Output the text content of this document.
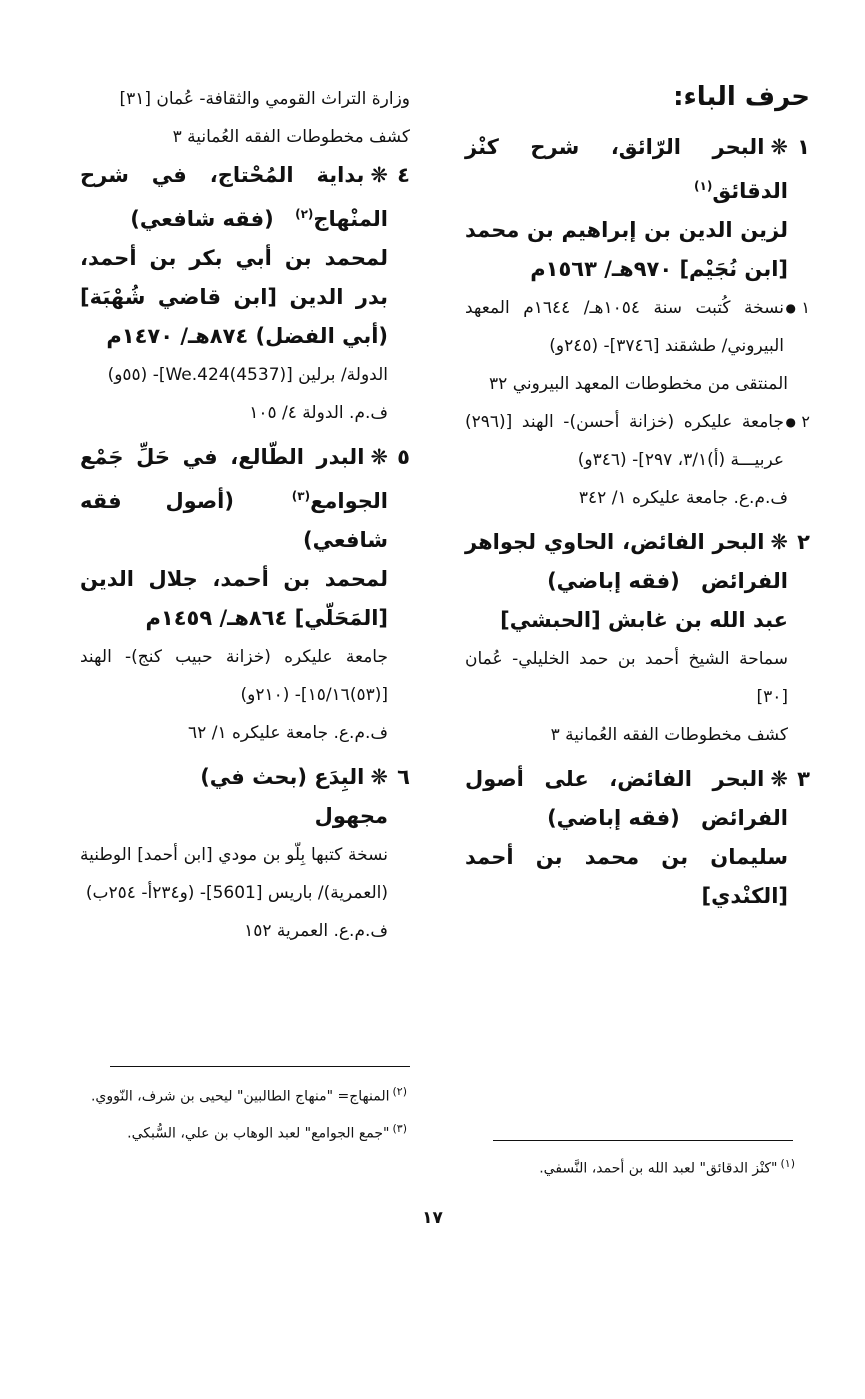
حرف الباء:
١
❋البحر الرّائق، شرح كنْز الدقائق$^{(١)}$
لزين الدين بن إبراهيم بن محمد [ابن نُجَيْم] ٩٧٠هـ/ ١٥٦٣م
١
●
نسخة كُتبت سنة ١٠٥٤هـ/ ١٦٤٤م المعهد البيروني/ طشقند [٣٧٤٦]- (٢٤٥و)
المنتقى من مخطوطات المعهد البيروني ٣٢
٢
●
جامعة عليكره (خزانة أحسن)- الهند [(٢٩٦) عربيـــة (أ)٣/١، ٢٩٧]- (٣٤٦و)
ف.م.ع. جامعة عليكره ١/ ٣٤٢
٢
❋البحر الفائض، الحاوي لجواهر الفرائض (فقه إباضي)
عبد الله بن غابش [الحبشي]
سماحة الشيخ أحمد بن حمد الخليلي- عُمان [٣٠]
كشف مخطوطات الفقه العُمانية ٣
٣
❋البحر الفائض، على أصول الفرائض (فقه إباضي)
سليمان بن محمد بن أحمد [الكنْدي]
وزارة التراث القومي والثقافة- عُمان [٣١]
كشف مخطوطات الفقه العُمانية ٣
٤
❋بداية المُحْتاج، في شرح المنْهاج$^{(٢)}$ (فقه شافعي)
لمحمد بن أبي بكر بن أحمد، بدر الدين [ابن قاضي شُهْبَة] (أبي الفضل) ٨٧٤هـ/ ١٤٧٠م
الدولة/ برلين [We.424(4537)]- (٥٥و)
ف.م. الدولة ٤/ ١٠٥
٥
❋البدر الطّالع، في حَلِّ جَمْع الجوامع$^{(٣)}$ (أصول فقه شافعي)
لمحمد بن أحمد، جلال الدين [المَحَلّي] ٨٦٤هـ/ ١٤٥٩م
جامعة عليكره (خزانة حبيب كنج)- الهند [(٥٣)١٥/١٦]- (٢١٠و)
ف.م.ع. جامعة عليكره ١/ ٦٢
٦
❋البِدَع (بحث في)
مجهول
نسخة كتبها بِلّو بن مودي [ابن أحمد] الوطنية (العمرية)/ باريس [5601]- (و٢٣٤أ- ٢٥٤ب)
ف.م.ع. العمرية ١٥٢
$^{(٢)}$المنهاج= "منهاج الطالبين" ليحيى بن شرف، النّووي.
$^{(٣)}$"جمع الجوامع" لعبد الوهاب بن علي، السُّبكي.
$^{(١)}$"كنْز الدقائق" لعبد الله بن أحمد، النَّسفي.
١٧
